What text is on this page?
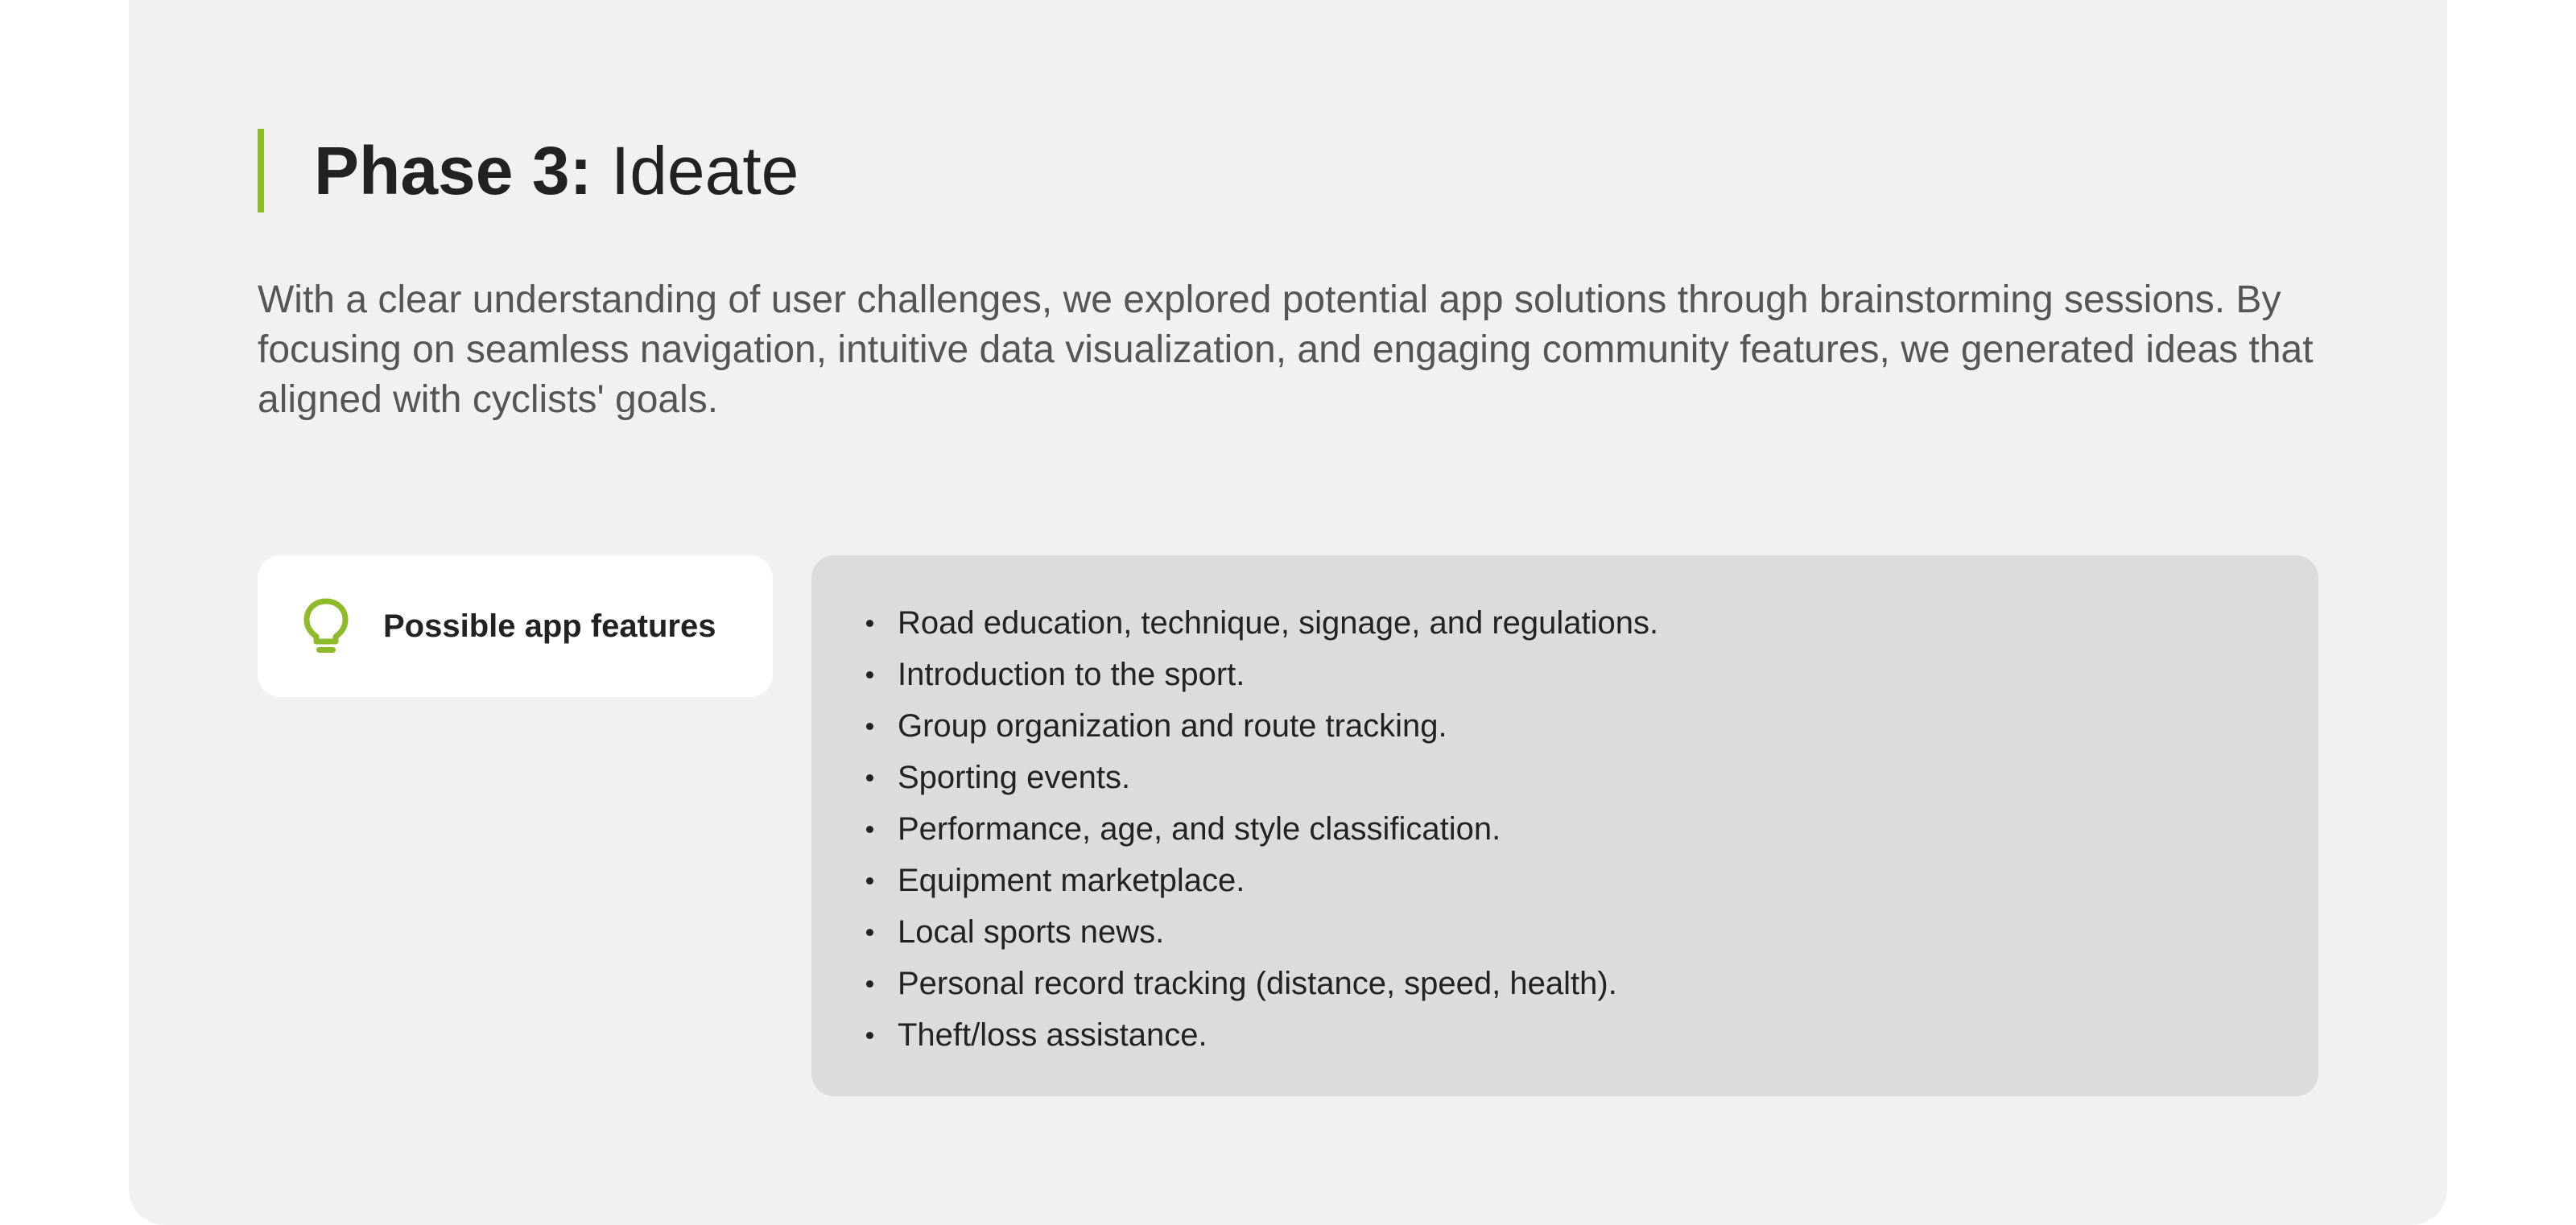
Phase 3: Ideate

With a clear understanding of user challenges, we explored potential app solutions through brainstorming sessions. By focusing on seamless navigation, intuitive data visualization, and engaging community features, we generated ideas that aligned with cyclists' goals.

Possible app features	Road education, technique, signage, and regulations.
Introduction to the sport.
Group organization and route tracking.
Sporting events.
Performance, age, and style classification.
Equipment marketplace.
Local sports news.
Personal record tracking (distance, speed, health).
Theft/loss assistance.
